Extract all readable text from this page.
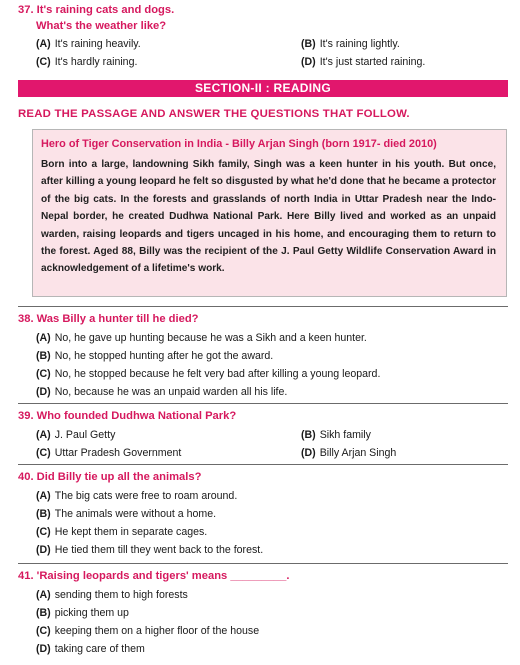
37. It's raining cats and dogs.
What's the weather like?
(A) It's raining heavily.	(B) It's raining lightly.
(C) It's hardly raining.	(D) It's just started raining.
SECTION-II : READING
READ THE PASSAGE AND ANSWER THE QUESTIONS THAT FOLLOW.
Hero of Tiger Conservation in India - Billy Arjan Singh (born 1917- died 2010)
Born into a large, landowning Sikh family, Singh was a keen hunter in his youth. But once, after killing a young leopard he felt so disgusted by what he'd done that he became a protector of the big cats. In the forests and grasslands of north India in Uttar Pradesh near the Indo-Nepal border, he created Dudhwa National Park. Here Billy lived and worked as an unpaid warden, raising leopards and tigers uncaged in his home, and encouraging them to return to the forest. Aged 88, Billy was the recipient of the J. Paul Getty Wildlife Conservation Award in acknowledgement of a lifetime's work.
38. Was Billy a hunter till he died?
(A) No, he gave up hunting because he was a Sikh and a keen hunter.
(B) No, he stopped hunting after he got the award.
(C) No, he stopped because he felt very bad after killing a young leopard.
(D) No, because he was an unpaid warden all his life.
39. Who founded Dudhwa National Park?
(A) J. Paul Getty	(B) Sikh family
(C) Uttar Pradesh Government	(D) Billy Arjan Singh
40. Did Billy tie up all the animals?
(A) The big cats were free to roam around.
(B) The animals were without a home.
(C) He kept them in separate cages.
(D) He tied them till they went back to the forest.
41. 'Raising leopards and tigers' means _________.
(A) sending them to high forests
(B) picking them up
(C) keeping them on a higher floor of the house
(D) taking care of them
